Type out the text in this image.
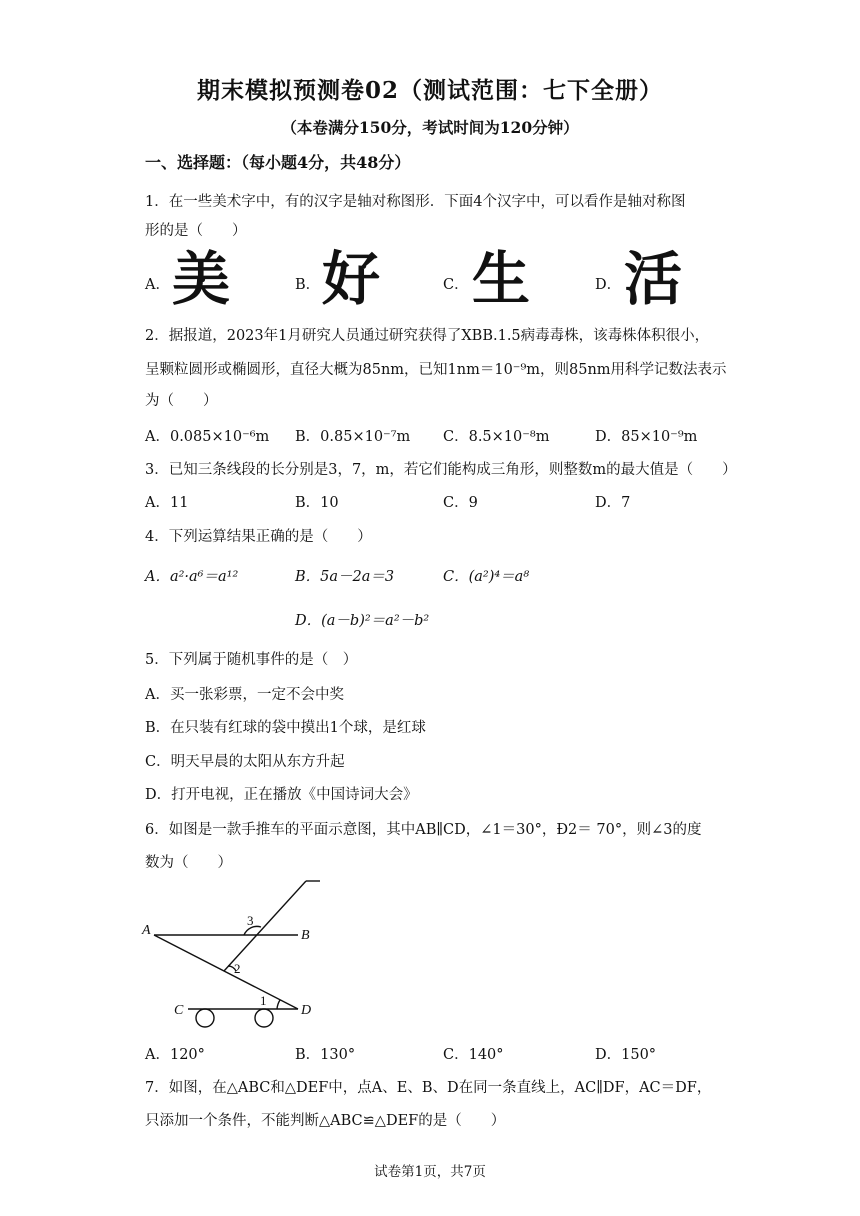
期末模拟预测卷02（测试范围：七下全册）
（本卷满分150分，考试时间为120分钟）
一、选择题：（每小题4分，共48分）
1．在一些美术字中，有的汉字是轴对称图形．下面4个汉字中，可以看作是轴对称图
形的是（　　）
A． 美	B． 好	C． 生	D． 活
2．据报道，2023年1月研究人员通过研究获得了XBB.1.5病毒毒株，该毒株体积很小，
呈颗粒圆形或椭圆形，直径大概为85nm，已知1nm＝10⁻⁹m，则85nm用科学记数法表示
为（　　）
A．0.085×10⁻⁶m B．0.85×10⁻⁷m C．8.5×10⁻⁸m	D．85×10⁻⁹m
3．已知三条线段的长分别是3，7，m，若它们能构成三角形，则整数m的最大值是（　　）
A．11	B．10	C．9	D．7
4．下列运算结果正确的是（　　）
A．a²·a⁶＝a¹²	B．5a－2a＝3	C．(a²)⁴＝a⁸
D．(a－b)²＝a²－b²
5．下列属于随机事件的是（　）
A．买一张彩票，一定不会中奖
B．在只装有红球的袋中摸出1个球，是红球
C．明天早晨的太阳从东方升起
D．打开电视，正在播放《中国诗词大会》
6．如图是一款手推车的平面示意图，其中AB∥CD，∠1＝30°，Ð2＝ 70°，则∠3的度
数为（　　）
A	B
C	D
1
2
3
A．120°	B．130°	C．140°	D．150°
7．如图，在△ABC和△DEF中，点A、E、B、D在同一条直线上，AC∥DF，AC＝DF，
只添加一个条件，不能判断△ABC≌△DEF的是（　　）
试卷第1页，共7页
